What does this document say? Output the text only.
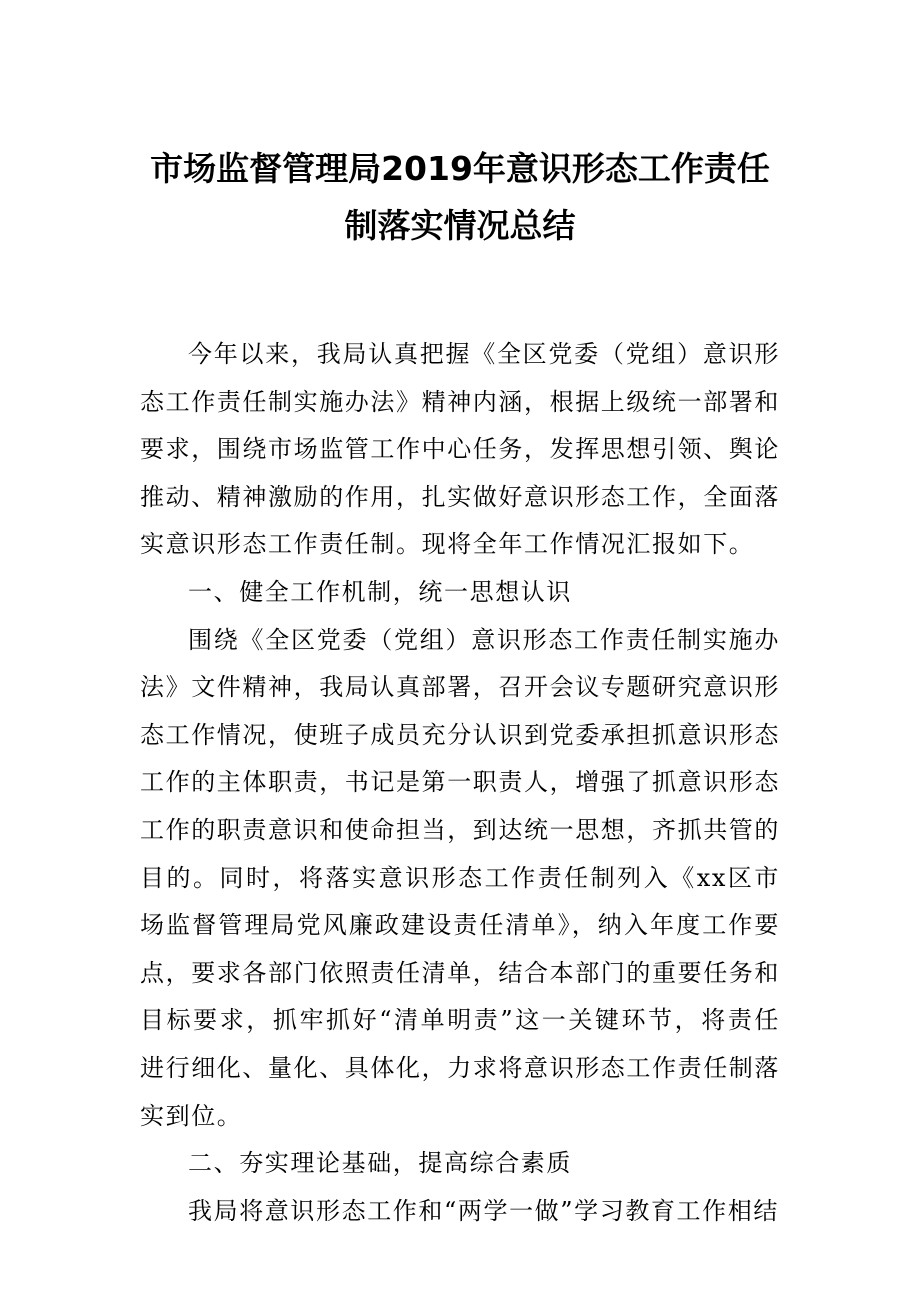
市场监督管理局2019年意识形态工作责任
制落实情况总结

今年以来，我局认真把握《全区党委（党组）意识形态工作责任制实施办法》精神内涵，根据上级统一部署和要求，围绕市场监管工作中心任务，发挥思想引领、舆论推动、精神激励的作用，扎实做好意识形态工作，全面落实意识形态工作责任制。现将全年工作情况汇报如下。

一、健全工作机制，统一思想认识

围绕《全区党委（党组）意识形态工作责任制实施办法》文件精神，我局认真部署，召开会议专题研究意识形态工作情况，使班子成员充分认识到党委承担抓意识形态工作的主体职责，书记是第一职责人，增强了抓意识形态工作的职责意识和使命担当，到达统一思想，齐抓共管的目的。同时，将落实意识形态工作责任制列入《xx区市场监督管理局党风廉政建设责任清单》，纳入年度工作要点，要求各部门依照责任清单，结合本部门的重要任务和目标要求，抓牢抓好“清单明责”这一关键环节，将责任进行细化、量化、具体化，力求将意识形态工作责任制落实到位。

二、夯实理论基础，提高综合素质

我局将意识形态工作和“两学一做”学习教育工作相结
